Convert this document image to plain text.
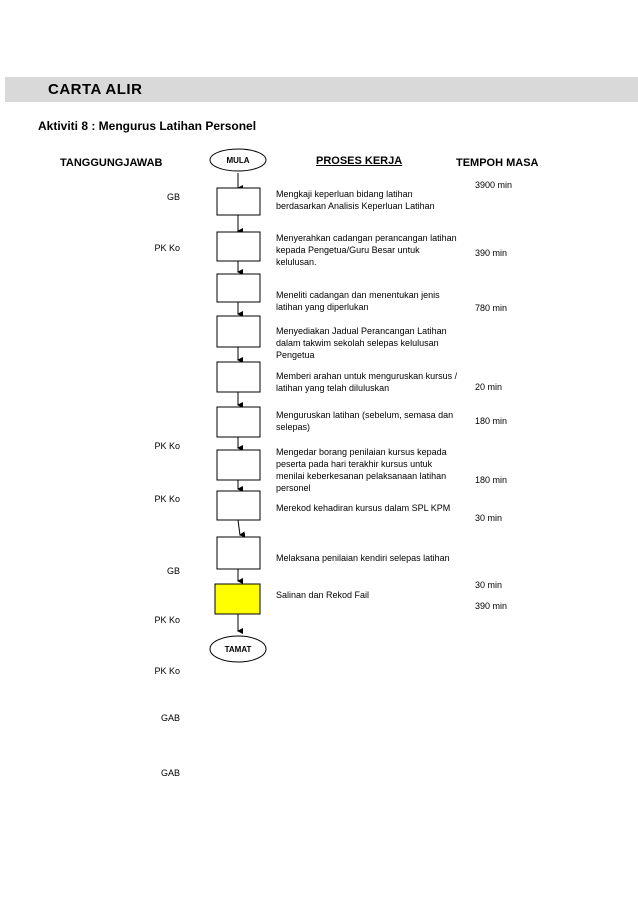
CARTA ALIR
Aktiviti 8 : Mengurus Latihan Personel
TANGGUNGJAWAB	PROSES KERJA	TEMPOH MASA
GB
PK Ko
PK Ko
PK Ko
GB
PK Ko
PK Ko
GAB
GAB
MULA
TAMAT
Mengkaji keperluan bidang latihan berdasarkan Analisis Keperluan Latihan
Menyerahkan cadangan perancangan latihan kepada Pengetua/Guru Besar untuk kelulusan.
Meneliti cadangan dan menentukan jenis latihan yang diperlukan
Menyediakan Jadual Perancangan Latihan dalam takwim sekolah selepas kelulusan Pengetua
Memberi arahan untuk menguruskan kursus / latihan yang telah diluluskan
Menguruskan latihan (sebelum, semasa dan selepas)
Mengedar borang penilaian kursus kepada peserta pada hari terakhir kursus untuk menilai keberkesanan pelaksanaan latihan personel
Merekod kehadiran kursus dalam SPL KPM
Melaksana penilaian kendiri selepas latihan
Salinan dan Rekod Fail
3900 min
390 min
780 min
20 min
180 min
180 min
30 min
30 min
390 min
